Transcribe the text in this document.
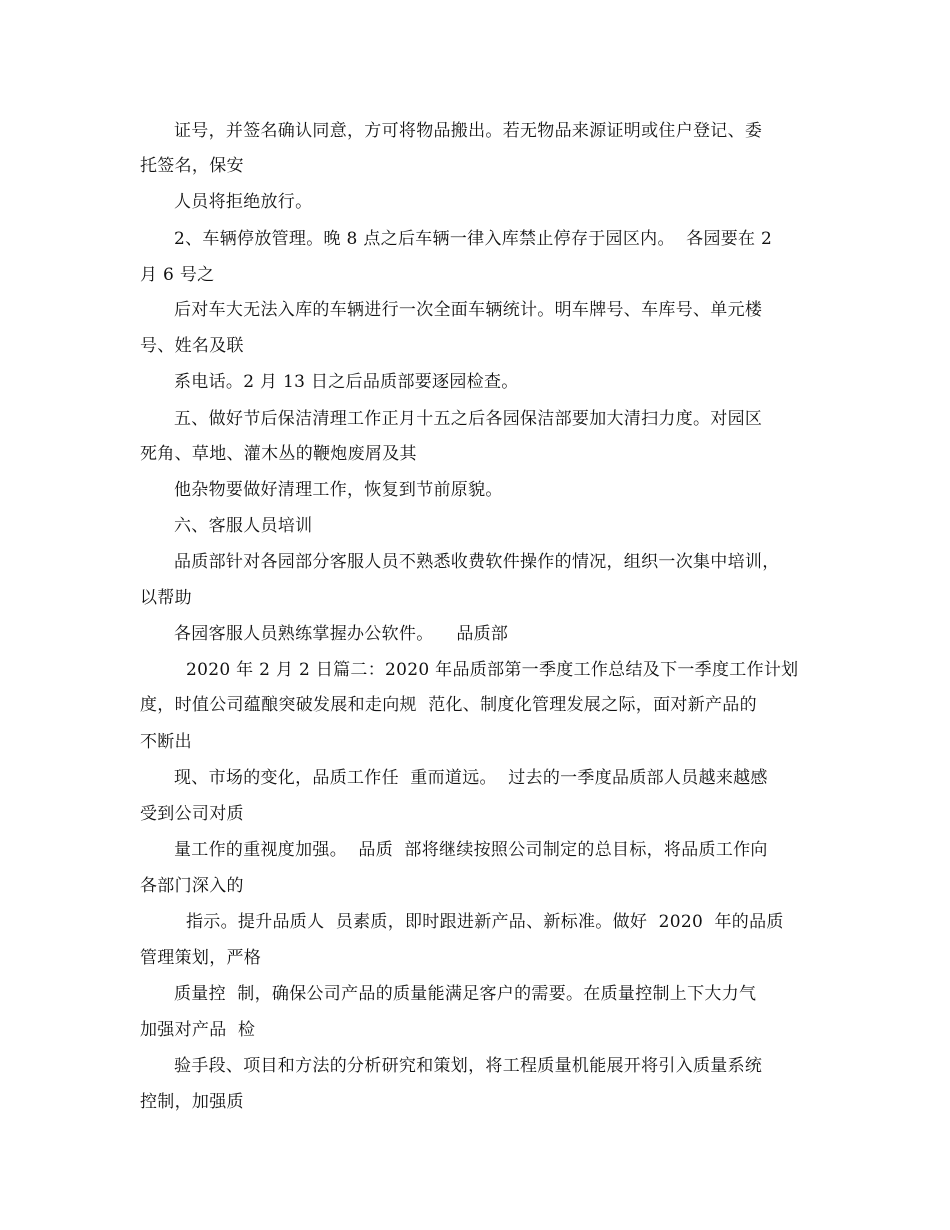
证号，并签名确认同意，方可将物品搬出。若无物品来源证明或住户登记、委
托签名，保安
人员将拒绝放行。
2、车辆停放管理。晚 8 点之后车辆一律入库禁止停存于园区内。  各园要在 2
月 6 号之
后对车大无法入库的车辆进行一次全面车辆统计。明车牌号、车库号、单元楼
号、姓名及联
系电话。2 月 13 日之后品质部要逐园检查。
五、做好节后保洁清理工作正月十五之后各园保洁部要加大清扫力度。对园区
死角、草地、灌木丛的鞭炮废屑及其
他杂物要做好清理工作，恢复到节前原貌。
六、客服人员培训
品质部针对各园部分客服人员不熟悉收费软件操作的情况，组织一次集中培训，
以帮助
各园客服人员熟练掌握办公软件。    品质部
2020 年 2 月 2 日篇二：2020 年品质部第一季度工作总结及下一季度工作计划
度，时值公司蕴酿突破发展和走向规  范化、制度化管理发展之际，面对新产品的
不断出
现、市场的变化，品质工作任  重而道远。  过去的一季度品质部人员越来越感
受到公司对质
量工作的重视度加强。  品质  部将继续按照公司制定的总目标，将品质工作向
各部门深入的
指示。提升品质人  员素质，即时跟进新产品、新标准。做好  2020  年的品质
管理策划，严格
质量控  制，确保公司产品的质量能满足客户的需要。在质量控制上下大力气
加强对产品  检
验手段、项目和方法的分析研究和策划，将工程质量机能展开将引入质量系统
控制，加强质
